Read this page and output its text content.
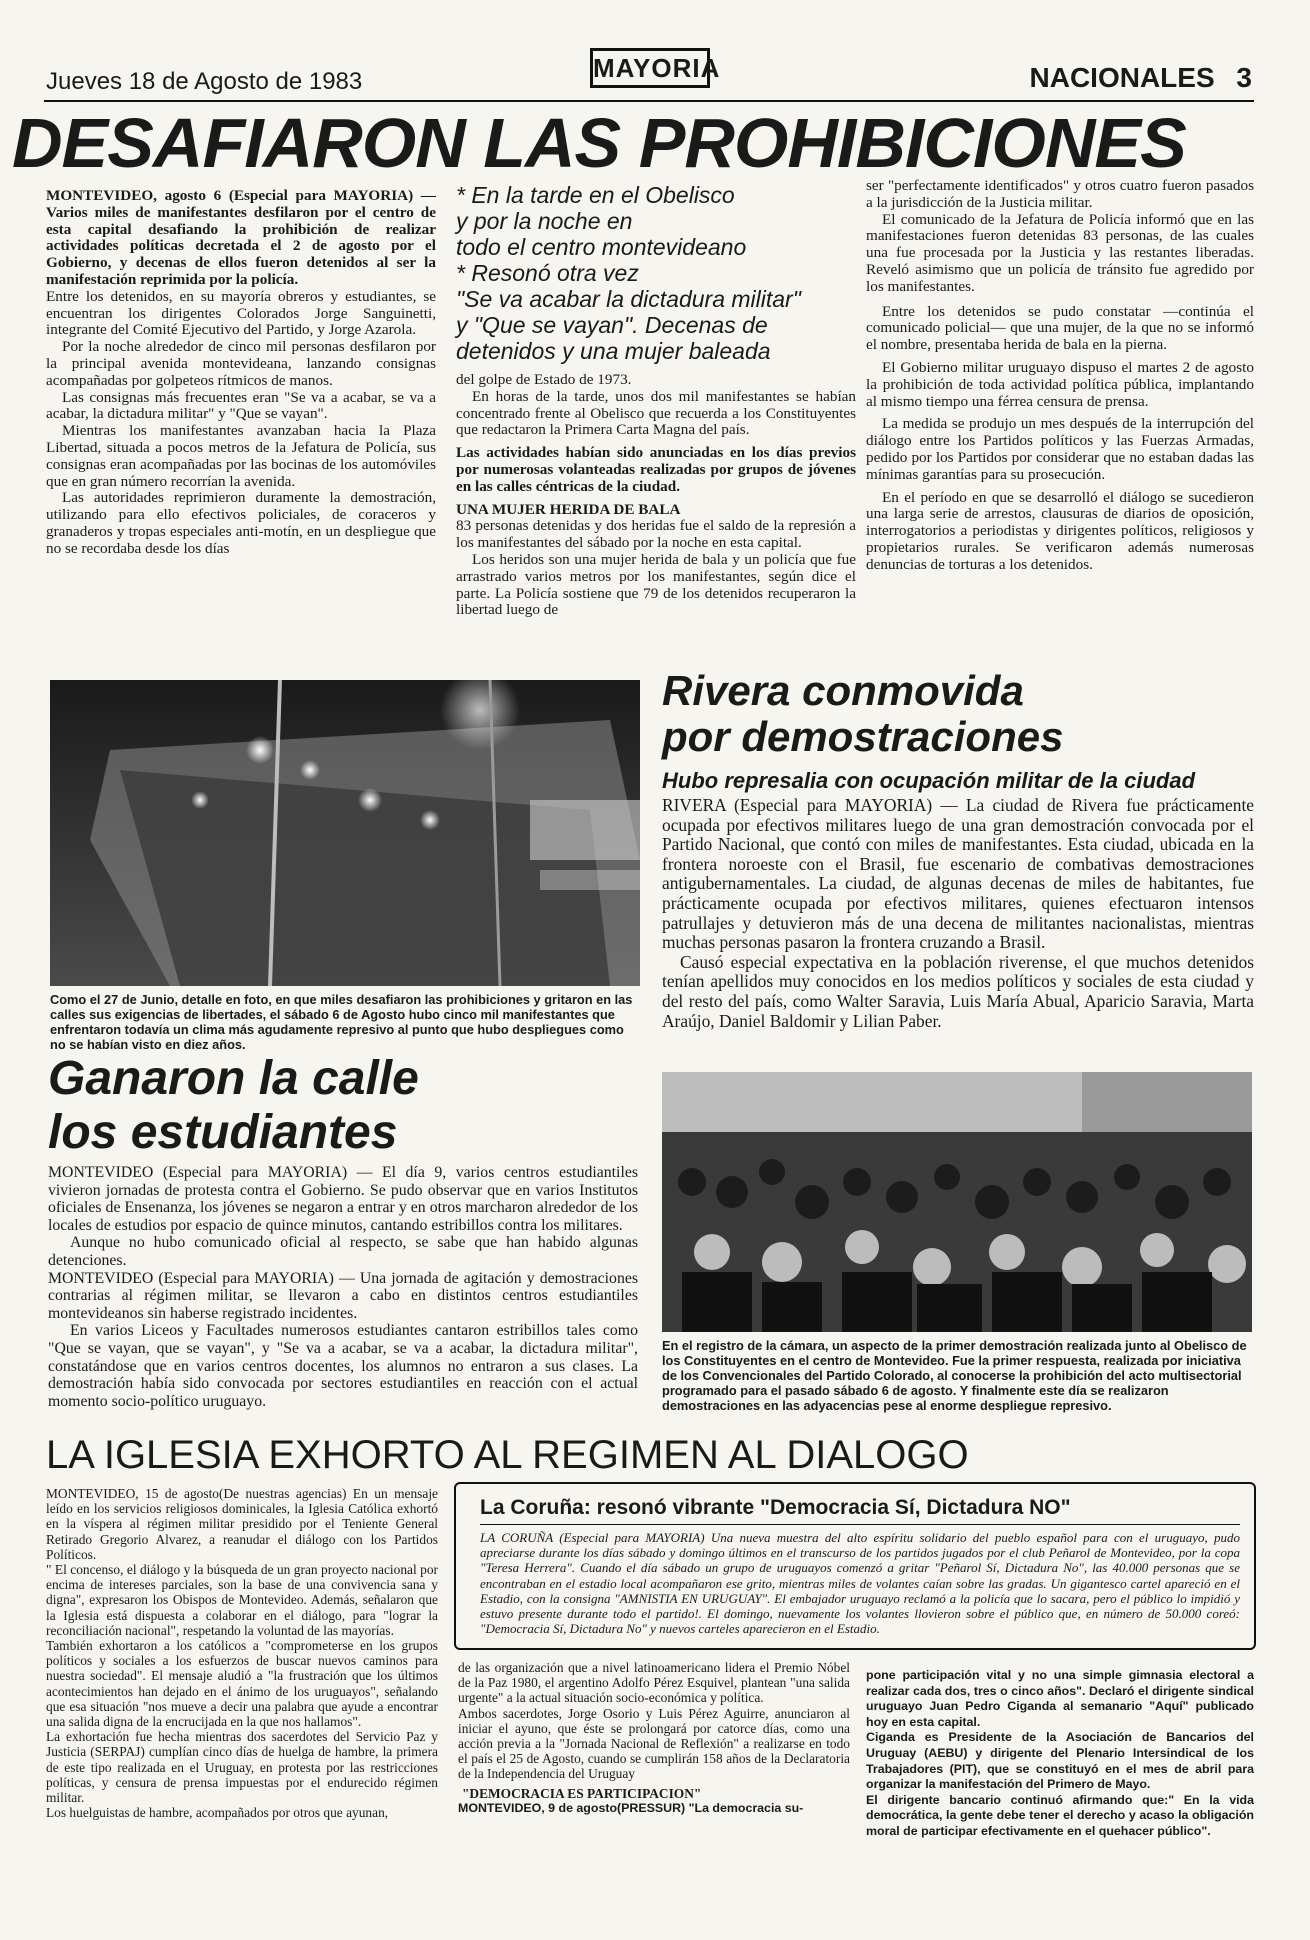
Jueves 18 de Agosto de 1983	MAYORIA	NACIONALES 3
DESAFIARON LAS PROHIBICIONES

MONTEVIDEO, agosto 6 (Especial para MAYORIA) — Varios miles de manifestantes desfilaron por el centro de esta capital desafiando la prohibición de realizar actividades políticas decretada el 2 de agosto por el Gobierno, y decenas de ellos fueron detenidos al ser la manifestación reprimida por la policía.

Entre los detenidos, en su mayoría obreros y estudiantes, se encuentran los dirigentes Colorados Jorge Sanguinetti, integrante del Comité Ejecutivo del Partido, y Jorge Azarola.

Por la noche alrededor de cinco mil personas desfilaron por la principal avenida montevideana, lanzando consignas acompañadas por golpeteos rítmicos de manos.

Las consignas más frecuentes eran "Se va a acabar, se va a acabar, la dictadura militar" y "Que se vayan".

Mientras los manifestantes avanzaban hacia la Plaza Libertad, situada a pocos metros de la Jefatura de Policía, sus consignas eran acompañadas por las bocinas de los automóviles que en gran número recorrían la avenida.

Las autoridades reprimieron duramente la demostración, utilizando para ello efectivos policiales, de coraceros y granaderos y tropas especiales anti-motín, en un despliegue que no se recordaba desde los días

* En la tarde en el Obelisco
y por la noche en
todo el centro montevideano
* Resonó otra vez
"Se va acabar la dictadura militar"
y "Que se vayan". Decenas de
detenidos y una mujer baleada

del golpe de Estado de 1973.

En horas de la tarde, unos dos mil manifestantes se habían concentrado frente al Obelisco que recuerda a los Constituyentes que redactaron la Primera Carta Magna del país.

Las actividades habían sido anunciadas en los días previos por numerosas volanteadas realizadas por grupos de jóvenes en las calles céntricas de la ciudad.

UNA MUJER HERIDA DE BALA

83 personas detenidas y dos heridas fue el saldo de la represión a los manifestantes del sábado por la noche en esta capital.

Los heridos son una mujer herida de bala y un policía que fue arrastrado varios metros por los manifestantes, según dice el parte. La Policía sostiene que 79 de los detenidos recuperaron la libertad luego de

ser "perfectamente identificados" y otros cuatro fueron pasados a la jurisdicción de la Justicia militar.

El comunicado de la Jefatura de Policía informó que en las manifestaciones fueron detenidas 83 personas, de las cuales una fue procesada por la Justicia y las restantes liberadas. Reveló asimismo que un policía de tránsito fue agredido por los manifestantes.

Entre los detenidos se pudo constatar —continúa el comunicado policial— que una mujer, de la que no se informó el nombre, presentaba herida de bala en la pierna.

El Gobierno militar uruguayo dispuso el martes 2 de agosto la prohibición de toda actividad política pública, implantando al mismo tiempo una férrea censura de prensa.

La medida se produjo un mes después de la interrupción del diálogo entre los Partidos políticos y las Fuerzas Armadas, pedido por los Partidos por considerar que no estaban dadas las mínimas garantías para su prosecución.

En el período en que se desarrolló el diálogo se sucedieron una larga serie de arrestos, clausuras de diarios de oposición, interrogatorios a periodistas y dirigentes políticos, religiosos y propietarios rurales. Se verificaron además numerosas denuncias de torturas a los detenidos.

Como el 27 de Junio, detalle en foto, en que miles desafiaron las prohibiciones y gritaron en las calles sus exigencias de libertades, el sábado 6 de Agosto hubo cinco mil manifestantes que enfrentaron todavía un clima más agudamente represivo al punto que hubo despliegues como no se habían visto en diez años.
Rivera conmovida
por demostraciones
Hubo represalia con ocupación militar de la ciudad

RIVERA (Especial para MAYORIA) — La ciudad de Rivera fue prácticamente ocupada por efectivos militares luego de una gran demostración convocada por el Partido Nacional, que contó con miles de manifestantes. Esta ciudad, ubicada en la frontera noroeste con el Brasil, fue escenario de combativas demostraciones antigubernamentales. La ciudad, de algunas decenas de miles de habitantes, fue prácticamente ocupada por efectivos militares, quienes efectuaron intensos patrullajes y detuvieron más de una decena de militantes nacionalistas, mientras muchas personas pasaron la frontera cruzando a Brasil.

Causó especial expectativa en la población riverense, el que muchos detenidos tenían apellidos muy conocidos en los medios políticos y sociales de esta ciudad y del resto del país, como Walter Saravia, Luis María Abual, Aparicio Saravia, Marta Araújo, Daniel Baldomir y Lilian Paber.

Ganaron la calle
los estudiantes

MONTEVIDEO (Especial para MAYORIA) — El día 9, varios centros estudiantiles vivieron jornadas de protesta contra el Gobierno. Se pudo observar que en varios Institutos oficiales de Ensenanza, los jóvenes se negaron a entrar y en otros marcharon alrededor de los locales de estudios por espacio de quince minutos, cantando estribillos contra los militares.

Aunque no hubo comunicado oficial al respecto, se sabe que han habido algunas detenciones.

MONTEVIDEO (Especial para MAYORIA) — Una jornada de agitación y demostraciones contrarias al régimen militar, se llevaron a cabo en distintos centros estudiantiles montevideanos sin haberse registrado incidentes.

En varios Liceos y Facultades numerosos estudiantes cantaron estribillos tales como "Que se vayan, que se vayan", y "Se va a acabar, se va a acabar, la dictadura militar", constatándose que en varios centros docentes, los alumnos no entraron a sus clases. La demostración había sido convocada por sectores estudiantiles en reacción con el actual momento socio-político uruguayo.

En el registro de la cámara, un aspecto de la primer demostración realizada junto al Obelisco de los Constituyentes en el centro de Montevideo. Fue la primer respuesta, realizada por iniciativa de los Convencionales del Partido Colorado, al conocerse la prohibición del acto multisectorial programado para el pasado sábado 6 de agosto. Y finalmente este día se realizaron demostraciones en las adyacencias pese al enorme despliegue represivo.
LA IGLESIA EXHORTO AL REGIMEN AL DIALOGO

MONTEVIDEO, 15 de agosto(De nuestras agencias) En un mensaje leído en los servicios religiosos dominicales, la Iglesia Católica exhortó en la víspera al régimen militar presidido por el Teniente General Retirado Gregorio Alvarez, a reanudar el diálogo con los Partidos Políticos.

" El concenso, el diálogo y la búsqueda de un gran proyecto nacional por encima de intereses parciales, son la base de una convivencia sana y digna", expresaron los Obispos de Montevideo. Además, señalaron que la Iglesia está dispuesta a colaborar en el diálogo, para "lograr la reconciliación nacional", respetando la voluntad de las mayorías.

También exhortaron a los católicos a "comprometerse en los grupos políticos y sociales a los esfuerzos de buscar nuevos caminos para nuestra sociedad". El mensaje aludió a "la frustración que los últimos acontecimientos han dejado en el ánimo de los uruguayos", señalando que esa situación "nos mueve a decir una palabra que ayude a encontrar una salida digna de la encrucijada en la que nos hallamos".

La exhortación fue hecha mientras dos sacerdotes del Servicio Paz y Justicia (SERPAJ) cumplían cinco días de huelga de hambre, la primera de este tipo realizada en el Uruguay, en protesta por las restricciones políticas, y censura de prensa impuestas por el endurecido régimen militar.

Los huelguistas de hambre, acompañados por otros que ayunan,

La Coruña: resonó vibrante "Democracia Sí, Dictadura NO"
LA CORUÑA (Especial para MAYORIA) Una nueva muestra del alto espíritu solidario del pueblo español para con el uruguayo, pudo apreciarse durante los días sábado y domingo últimos en el transcurso de los partidos jugados por el club Peñarol de Montevideo, por la copa "Teresa Herrera". Cuando el día sábado un grupo de uruguayos comenzó a gritar "Peñarol Sí, Dictadura No", las 40.000 personas que se encontraban en el estadio local acompañaron ese grito, mientras miles de volantes caían sobre las gradas. Un gigantesco cartel apareció en el Estadio, con la consigna "AMNISTIA EN URUGUAY". El embajador uruguayo reclamó a la policía que lo sacara, pero el público lo impidió y estuvo presente durante todo el partido!. El domingo, nuevamente los volantes llovieron sobre el público que, en número de 50.000 coreó: "Democracia Sí, Dictadura No" y nuevos carteles aparecieron en el Estadio.

de las organización que a nivel latinoamericano lidera el Premio Nóbel de la Paz 1980, el argentino Adolfo Pérez Esquivel, plantean "una salida urgente" a la actual situación socio-económica y política.

Ambos sacerdotes, Jorge Osorio y Luis Pérez Aguirre, anunciaron al iniciar el ayuno, que éste se prolongará por catorce días, como una acción previa a la "Jornada Nacional de Reflexión" a realizarse en todo el país el 25 de Agosto, cuando se cumplirán 158 años de la Declaratoria de la Independencia del Uruguay

"DEMOCRACIA ES PARTICIPACION"

MONTEVIDEO, 9 de agosto(PRESSUR) "La democracia su-

pone participación vital y no una simple gimnasia electoral a realizar cada dos, tres o cinco años". Declaró el dirigente sindical uruguayo Juan Pedro Ciganda al semanario "Aquí" publicado hoy en esta capital.

Ciganda es Presidente de la Asociación de Bancarios del Uruguay (AEBU) y dirigente del Plenario Intersindical de los Trabajadores (PIT), que se constituyó en el mes de abril para organizar la manifestación del Primero de Mayo.

El dirigente bancario continuó afirmando que:" En la vida democrática, la gente debe tener el derecho y acaso la obligación moral de participar efectivamente en el quehacer público".
